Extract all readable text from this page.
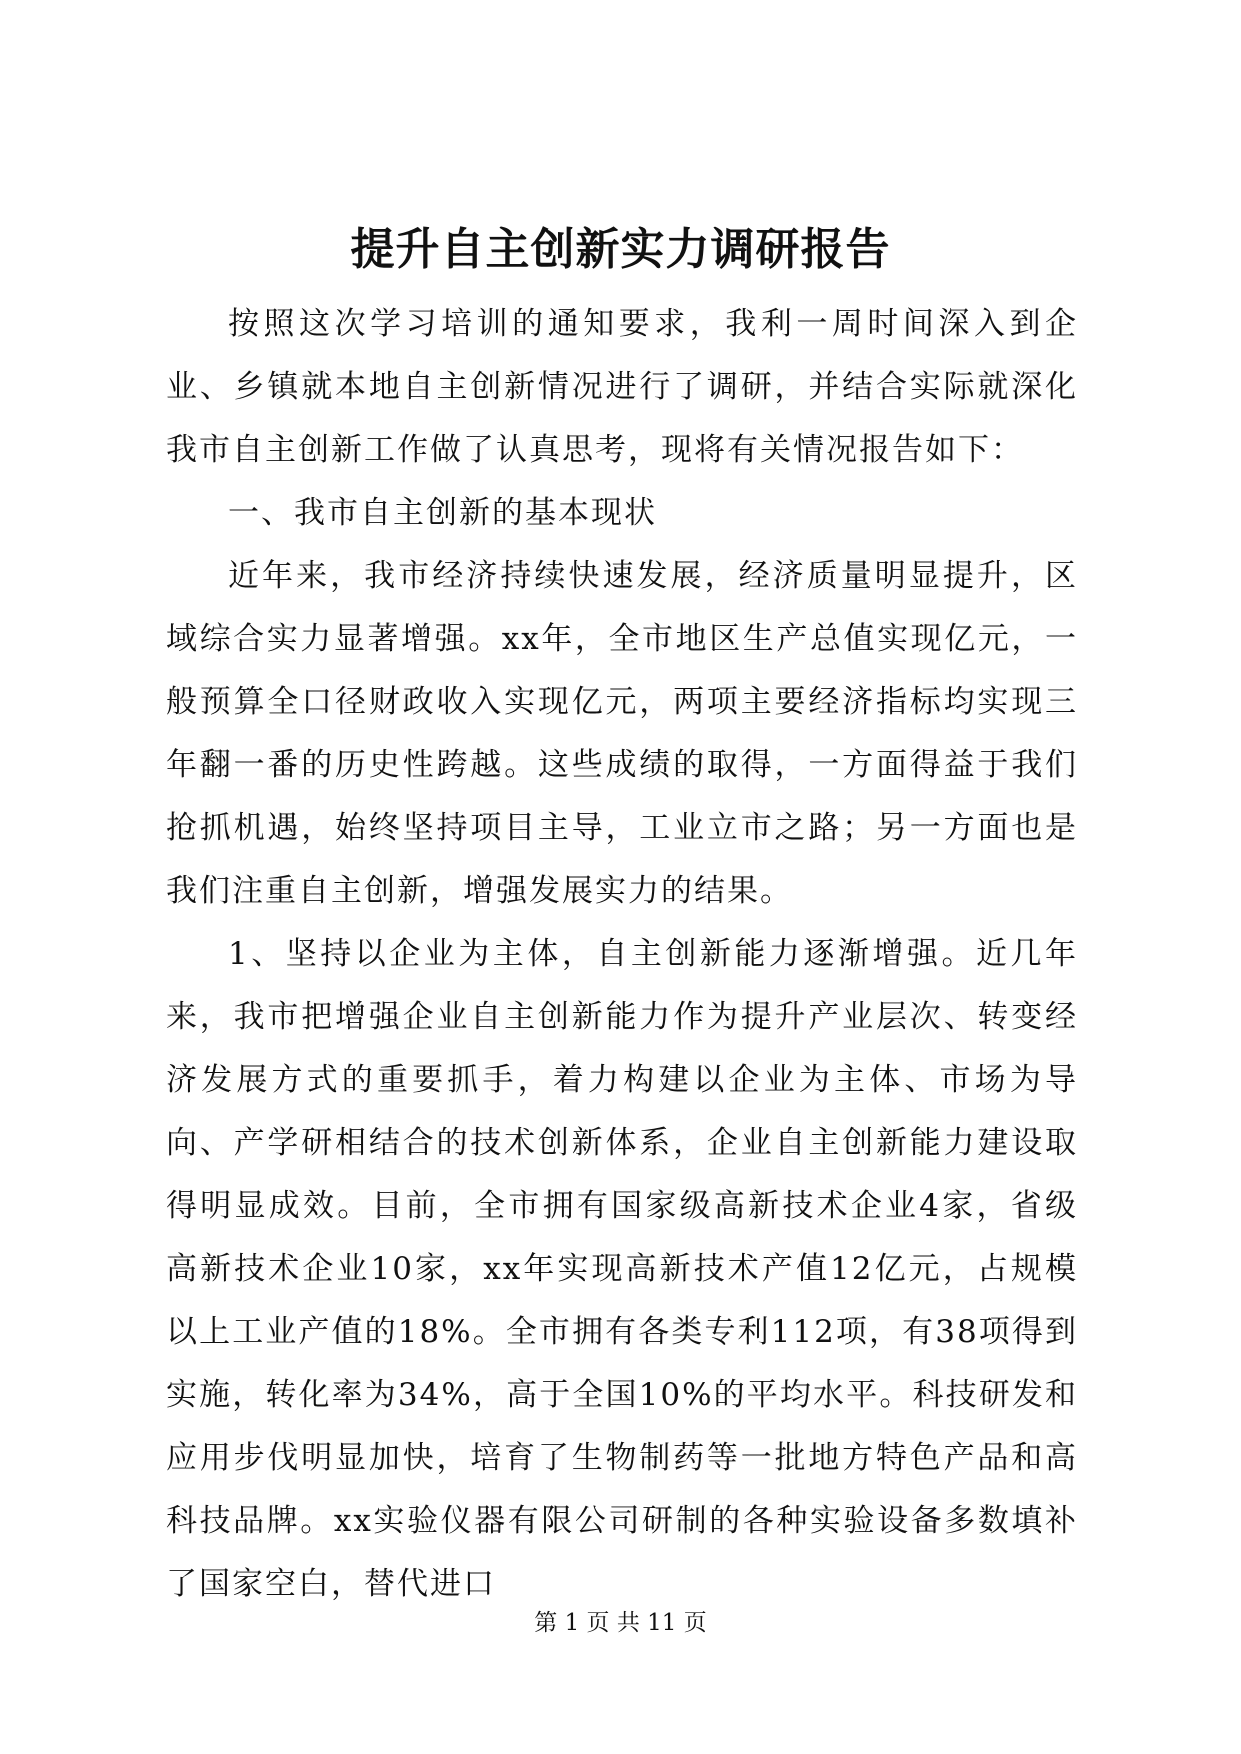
提升自主创新实力调研报告

按照这次学习培训的通知要求，我利一周时间深入到企业、乡镇就本地自主创新情况进行了调研，并结合实际就深化我市自主创新工作做了认真思考，现将有关情况报告如下：

一、我市自主创新的基本现状

近年来，我市经济持续快速发展，经济质量明显提升，区域综合实力显著增强。xx年，全市地区生产总值实现亿元，一般预算全口径财政收入实现亿元，两项主要经济指标均实现三年翻一番的历史性跨越。这些成绩的取得，一方面得益于我们抢抓机遇，始终坚持项目主导，工业立市之路；另一方面也是我们注重自主创新，增强发展实力的结果。

1、坚持以企业为主体，自主创新能力逐渐增强。近几年来，我市把增强企业自主创新能力作为提升产业层次、转变经济发展方式的重要抓手，着力构建以企业为主体、市场为导向、产学研相结合的技术创新体系，企业自主创新能力建设取得明显成效。目前，全市拥有国家级高新技术企业4家，省级高新技术企业10家，xx年实现高新技术产值12亿元，占规模以上工业产值的18%。全市拥有各类专利112项，有38项得到实施，转化率为34%，高于全国10%的平均水平。科技研发和应用步伐明显加快，培育了生物制药等一批地方特色产品和高科技品牌。xx实验仪器有限公司研制的各种实验设备多数填补了国家空白，替代进口

第 1 页 共 11 页
